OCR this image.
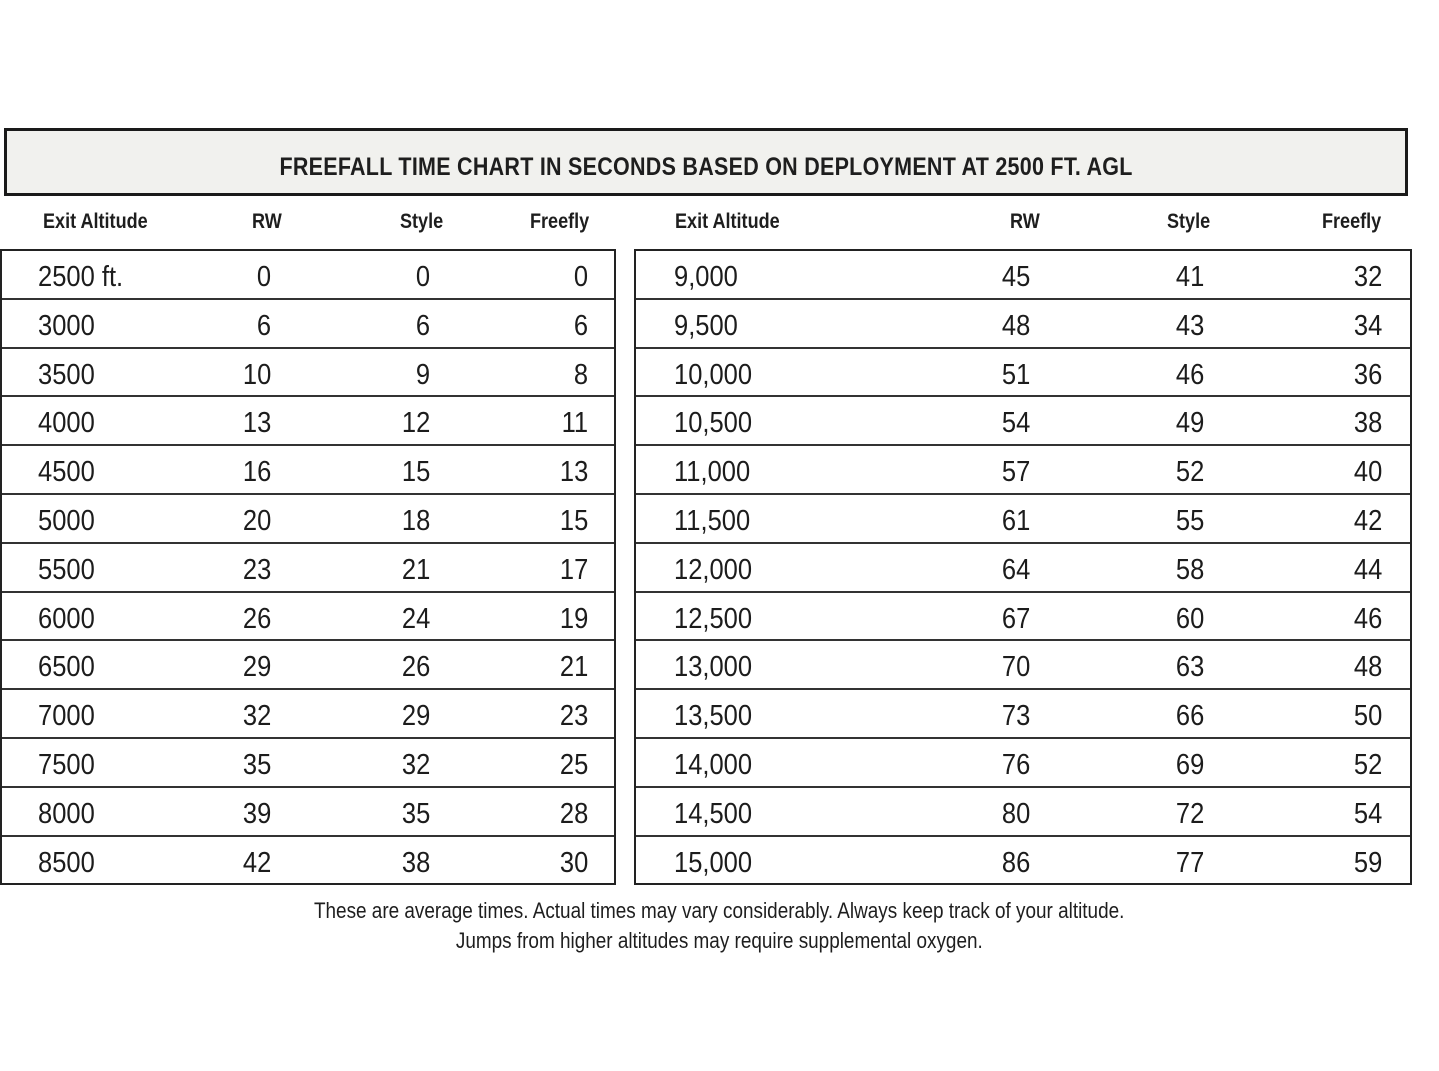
FREEFALL TIME CHART IN SECONDS BASED ON DEPLOYMENT AT 2500 FT. AGL
Exit Altitude	RW	Style	Freefly	Exit Altitude	RW	Style	Freefly
2500 ft.	0	0	0
3000	6	6	6
3500	10	9	8
4000	13	12	11
4500	16	15	13
5000	20	18	15
5500	23	21	17
6000	26	24	19
6500	29	26	21
7000	32	29	23
7500	35	32	25
8000	39	35	28
8500	42	38	30
9,000	45	41	32
9,500	48	43	34
10,000	51	46	36
10,500	54	49	38
11,000	57	52	40
11,500	61	55	42
12,000	64	58	44
12,500	67	60	46
13,000	70	63	48
13,500	73	66	50
14,000	76	69	52
14,500	80	72	54
15,000	86	77	59
These are average times. Actual times may vary considerably. Always keep track of your altitude.
Jumps from higher altitudes may require supplemental oxygen.
